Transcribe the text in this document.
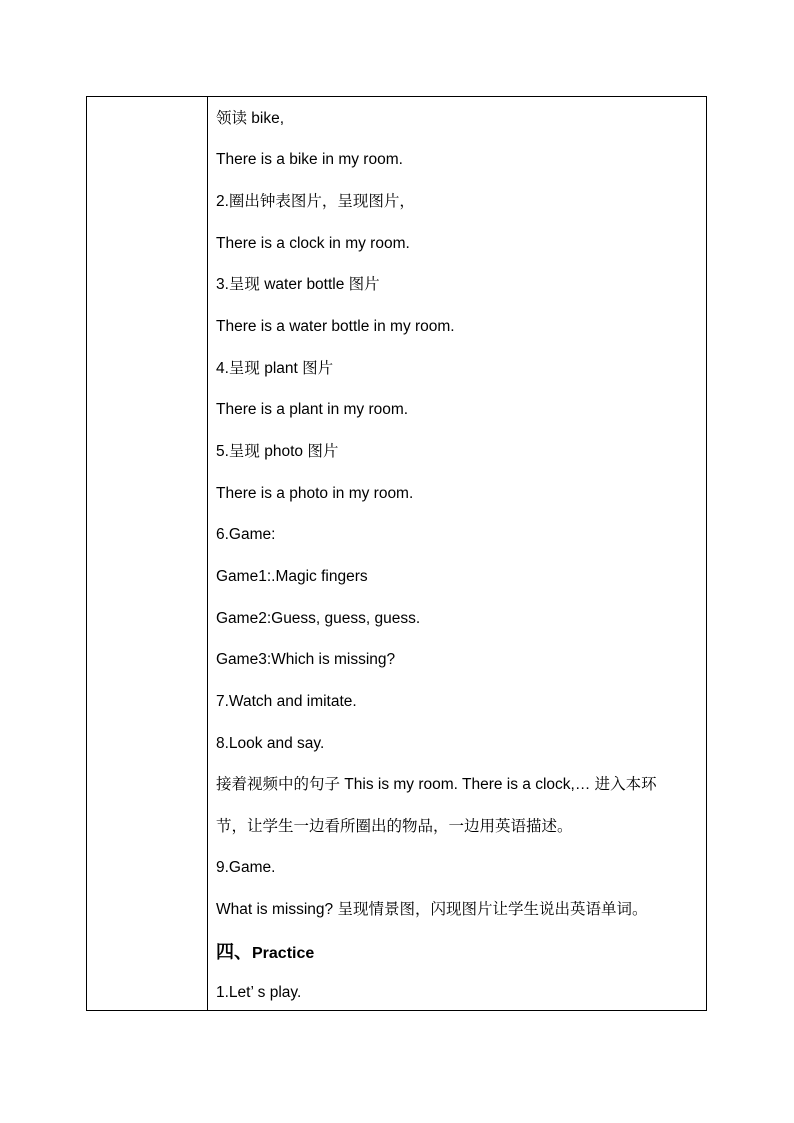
领读 bike,
There is a bike in my room.
2.圈出钟表图片，呈现图片，
There is a clock in my room.
3.呈现 water bottle 图片
There is a water bottle in my room.
4.呈现 plant 图片
There is a plant in my room.
5.呈现 photo 图片
There is a photo in my room.
6.Game:
Game1:.Magic fingers
Game2:Guess, guess, guess.
Game3:Which is missing?
7.Watch and imitate.
8.Look and say.
接着视频中的句子 This is my room. There is a clock,… 进入本环
节，让学生一边看所圈出的物品，一边用英语描述。
9.Game.
What is missing? 呈现情景图，闪现图片让学生说出英语单词。
四、Practice
1.Let’ s play.
